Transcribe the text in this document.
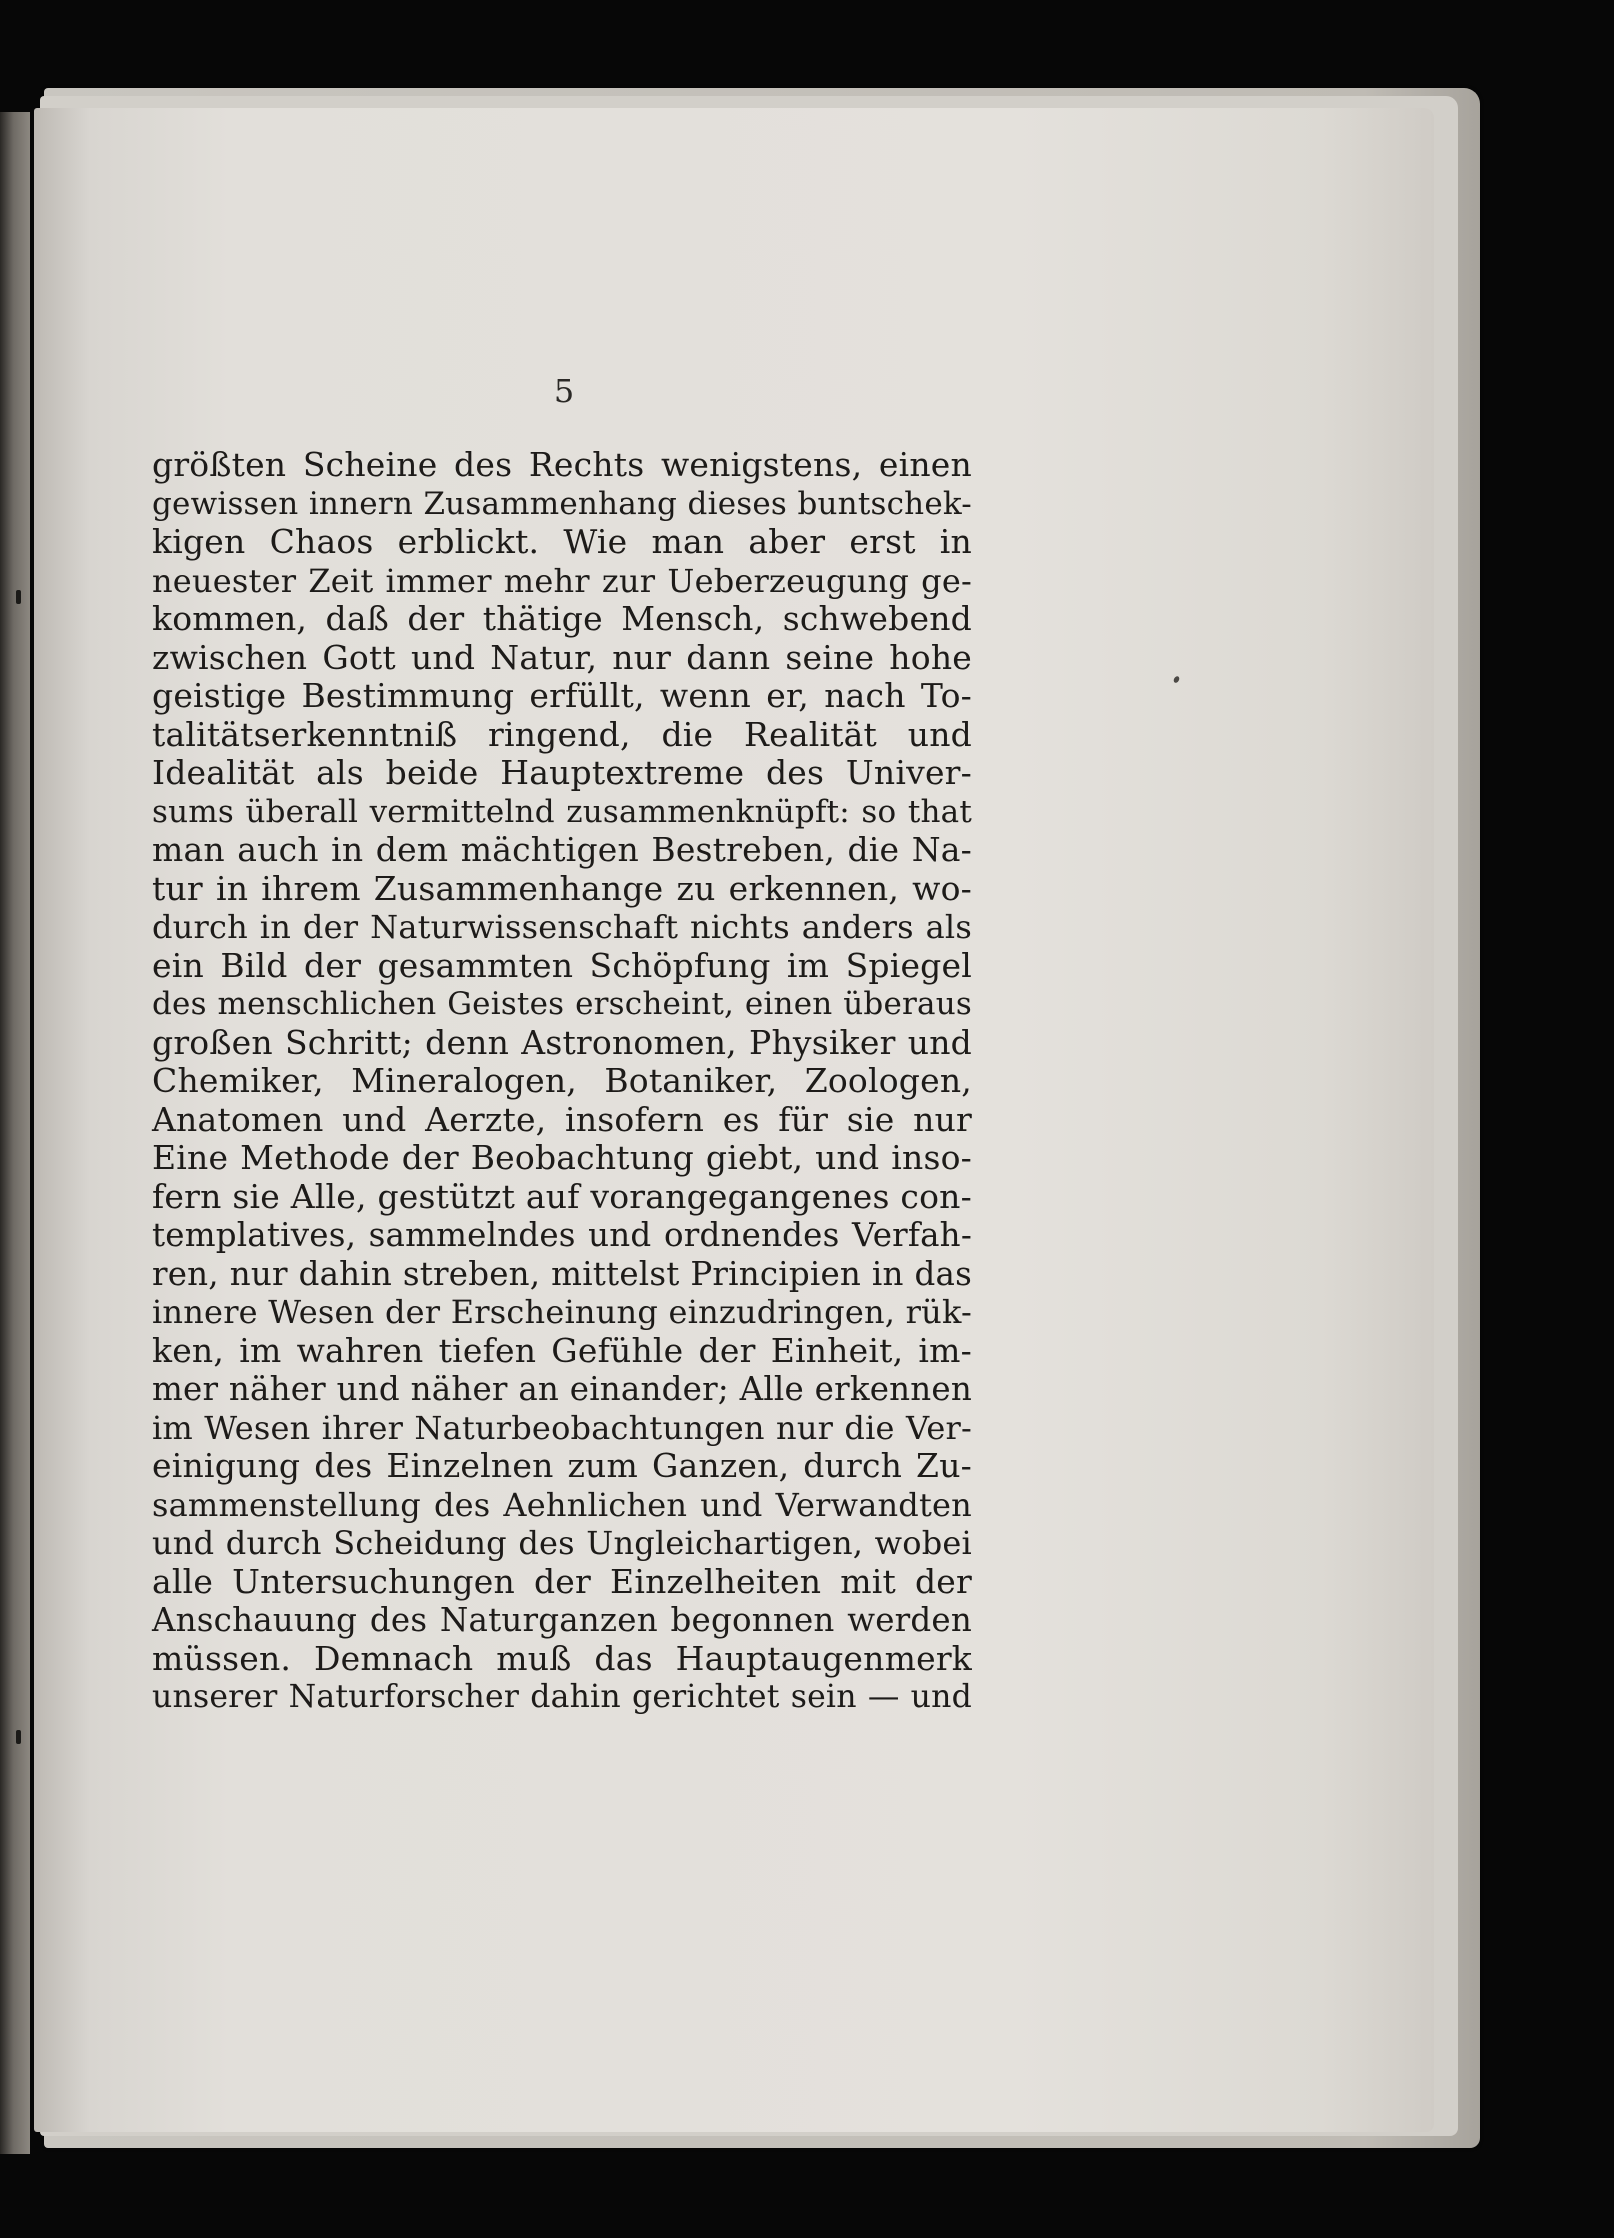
5
größten Scheine des Rechts wenigstens, einen
gewissen innern Zusammenhang dieses buntschek-
kigen Chaos erblickt. Wie man aber erst in
neuester Zeit immer mehr zur Ueberzeugung ge-
kommen, daß der thätige Mensch, schwebend
zwischen Gott und Natur, nur dann seine hohe
geistige Bestimmung erfüllt, wenn er, nach To-
talitätserkenntniß ringend, die Realität und
Idealität als beide Hauptextreme des Univer-
sums überall vermittelnd zusammenknüpft: so that
man auch in dem mächtigen Bestreben, die Na-
tur in ihrem Zusammenhange zu erkennen, wo-
durch in der Naturwissenschaft nichts anders als
ein Bild der gesammten Schöpfung im Spiegel
des menschlichen Geistes erscheint, einen überaus
großen Schritt; denn Astronomen, Physiker und
Chemiker, Mineralogen, Botaniker, Zoologen,
Anatomen und Aerzte, insofern es für sie nur
Eine Methode der Beobachtung giebt, und inso-
fern sie Alle, gestützt auf vorangegangenes con-
templatives, sammelndes und ordnendes Verfah-
ren, nur dahin streben, mittelst Principien in das
innere Wesen der Erscheinung einzudringen, rük-
ken, im wahren tiefen Gefühle der Einheit, im-
mer näher und näher an einander; Alle erkennen
im Wesen ihrer Naturbeobachtungen nur die Ver-
einigung des Einzelnen zum Ganzen, durch Zu-
sammenstellung des Aehnlichen und Verwandten
und durch Scheidung des Ungleichartigen, wobei
alle Untersuchungen der Einzelheiten mit der
Anschauung des Naturganzen begonnen werden
müssen. Demnach muß das Hauptaugenmerk
unserer Naturforscher dahin gerichtet sein — und
